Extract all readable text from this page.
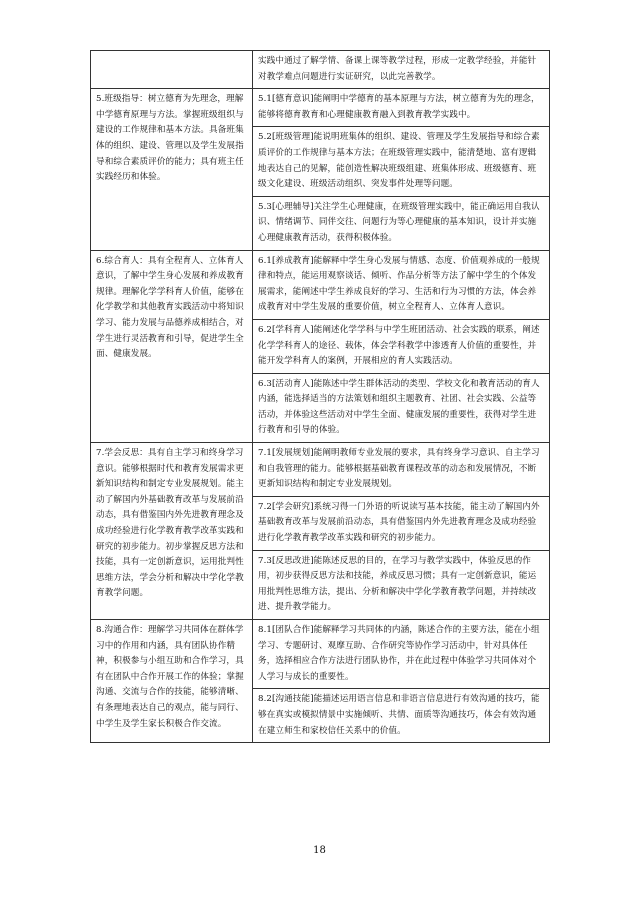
	实践中通过了解学情、备课上课等教学过程，形成一定教学经验，并能针对教学难点问题进行实证研究，以此完善教学。

5.班级指导：树立德育为先理念，理解中学德育原理与方法。掌握班级组织与建设的工作规律和基本方法。具备班集体的组织、建设、管理以及学生发展指导和综合素质评价的能力；具有班主任实践经历和体验。	5.1[德育意识]能阐明中学德育的基本原理与方法，树立德育为先的理念，能够将德育教育和心理健康教育融入到教育教学实践中。
5.2[班级管理]能说明班集体的组织、建设、管理及学生发展指导和综合素质评价的工作规律与基本方法；在班级管理实践中，能清楚地、富有逻辑地表达自己的见解，能创造性解决班级组建、班集体形成、班级德育、班级文化建设、班级活动组织、突发事件处理等问题。
5.3[心理辅导]关注学生心理健康，在班级管理实践中，能正确运用自我认识、情绪调节、同伴交往、问题行为等心理健康的基本知识，设计并实施心理健康教育活动，获得积极体验。

6.综合育人：具有全程育人、立体育人意识，了解中学生身心发展和养成教育规律。理解化学学科育人价值，能够在化学教学和其他教育实践活动中将知识学习、能力发展与品德养成相结合，对学生进行灵活教育和引导，促进学生全面、健康发展。	6.1[养成教育]能解释中学生身心发展与情感、态度、价值观养成的一般规律和特点，能运用观察谈话、倾听、作品分析等方法了解中学生的个体发展需求，能阐述中学生养成良好的学习、生活和行为习惯的方法，体会养成教育对中学生发展的重要价值，树立全程育人、立体育人意识。
6.2[学科育人]能阐述化学学科与中学生班团活动、社会实践的联系，阐述化学学科育人的途径、载体，体会学科教学中渗透育人价值的重要性，并能开发学科育人的案例，开展相应的育人实践活动。
6.3[活动育人]能陈述中学生群体活动的类型、学校文化和教育活动的育人内涵，能选择适当的方法策划和组织主题教育、社团、社会实践、公益等活动，并体验这些活动对中学生全面、健康发展的重要性，获得对学生进行教育和引导的体验。

7.学会反思：具有自主学习和终身学习意识。能够根据时代和教育发展需求更新知识结构和制定专业发展规划。能主动了解国内外基础教育改革与发展前沿动态，具有借鉴国内外先进教育理念及成功经验进行化学教育教学改革实践和研究的初步能力。初步掌握反思方法和技能，具有一定创新意识，运用批判性思维方法，学会分析和解决中学化学教育教学问题。	7.1[发展规划]能阐明教师专业发展的要求，具有终身学习意识、自主学习和自我管理的能力。能够根据基础教育课程改革的动态和发展情况，不断更新知识结构和制定专业发展规划。
7.2[学会研究]系统习得一门外语的听说读写基本技能，能主动了解国内外基础教育改革与发展前沿动态，具有借鉴国内外先进教育理念及成功经验进行化学教育教学改革实践和研究的初步能力。
7.3[反思改进]能陈述反思的目的，在学习与教学实践中，体验反思的作用，初步获得反思方法和技能，养成反思习惯；具有一定创新意识，能运用批判性思维方法，提出、分析和解决中学化学教育教学问题，并持续改进、提升教学能力。

8.沟通合作：理解学习共同体在群体学习中的作用和内涵，具有团队协作精神，积极参与小组互助和合作学习，具有在团队中合作开展工作的体验；掌握沟通、交流与合作的技能，能够清晰、有条理地表达自己的观点，能与同行、中学生及学生家长积极合作交流。	8.1[团队合作]能解释学习共同体的内涵，陈述合作的主要方法，能在小组学习、专题研讨、观摩互助、合作研究等协作学习活动中，针对具体任务，选择相应合作方法进行团队协作，并在此过程中体验学习共同体对个人学习与成长的重要性。
8.2[沟通技能]能描述运用语言信息和非语言信息进行有效沟通的技巧，能够在真实或模拟情景中实施倾听、共情、面质等沟通技巧，体会有效沟通在建立师生和家校信任关系中的价值。
18
